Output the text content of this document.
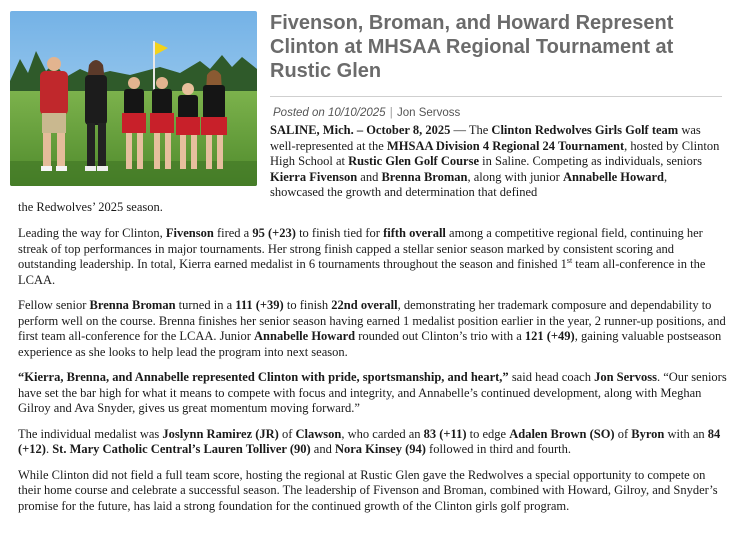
Fivenson, Broman, and Howard Represent Clinton at MHSAA Regional Tournament at Rustic Glen
Posted on 10/10/2025 | Jon Servoss

SALINE, Mich. – October 8, 2025 — The Clinton Redwolves Girls Golf team was well-represented at the MHSAA Division 4 Regional 24 Tournament, hosted by Clinton High School at Rustic Glen Golf Course in Saline. Competing as individuals, seniors Kierra Fivenson and Brenna Broman, along with junior Annabelle Howard, showcased the growth and determination that defined

the Redwolves’ 2025 season.

Leading the way for Clinton, Fivenson fired a 95 (+23) to finish tied for fifth overall among a competitive regional field, continuing her streak of top performances in major tournaments. Her strong finish capped a stellar senior season marked by consistent scoring and outstanding leadership. In total, Kierra earned medalist in 6 tournaments throughout the season and finished 1st team all-conference in the LCAA.

Fellow senior Brenna Broman turned in a 111 (+39) to finish 22nd overall, demonstrating her trademark composure and dependability to perform well on the course. Brenna finishes her senior season having earned 1 medalist position earlier in the year, 2 runner-up positions, and first team all-conference for the LCAA. Junior Annabelle Howard rounded out Clinton’s trio with a 121 (+49), gaining valuable postseason experience as she looks to help lead the program into next season.

“Kierra, Brenna, and Annabelle represented Clinton with pride, sportsmanship, and heart,” said head coach Jon Servoss. “Our seniors have set the bar high for what it means to compete with focus and integrity, and Annabelle’s continued development, along with Meghan Gilroy and Ava Snyder, gives us great momentum moving forward.”

The individual medalist was Joslynn Ramirez (JR) of Clawson, who carded an 83 (+11) to edge Adalen Brown (SO) of Byron with an 84 (+12). St. Mary Catholic Central’s Lauren Tolliver (90) and Nora Kinsey (94) followed in third and fourth.

While Clinton did not field a full team score, hosting the regional at Rustic Glen gave the Redwolves a special opportunity to compete on their home course and celebrate a successful season. The leadership of Fivenson and Broman, combined with Howard, Gilroy, and Snyder’s promise for the future, has laid a strong foundation for the continued growth of the Clinton girls golf program.
